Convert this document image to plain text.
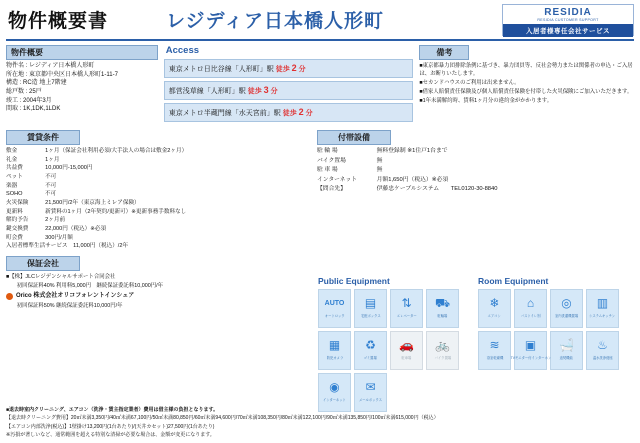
物件概要書	レジディア日本橋人形町	RESIDIA
RESIDIA CUSTOMER SUPPORT
入居者様専任会社サービス
物件概要
物件名 : レジディア日本橋人形町
所在地 : 東京都中央区日本橋人形町1-11-7
構造 : RC造 地上7階建
総戸数 : 25戸
竣工 : 2004年3月
間取 : 1K,1DK,1LDK
Access
東京メトロ日比谷線「人形町」駅 徒歩 2 分
都営浅草線「人形町」駅 徒歩 3 分
東京メトロ半蔵門線「水天宮前」駅 徒歩 2 分
備考
■東京都暴力団排除条例に基づき、暴力団員等、反社会勢力または関係者の申込・ご入居は、お断りいたします。
■セカンドハウスのご利用は出来ません。
■借家人賠償責任保険及び個人賠償責任保険を付帯した火災保険にご加入いただきます。
■1年未満解約時、賃料1ヶ月分の違約金がかかります。
賃貸条件
敷金　　　　　1ヶ月（保証会社利用必須/大手法人の場合は敷金2ヶ月）
礼金　　　　　1ヶ月
共益費　　　　10,000円-15,000円
ペット　　　　不可
楽器　　　　　不可
SOHO　　　　不可
火災保険　　　21,500円/2年（東京海上ミレア保険）
更新料　　　　新賃料の1ヶ月（2年契約/更新可）※更新事務手数料なし
解約予告　　　2ヶ月前
鍵交換費　　　22,000円（税込）※必須
町会費　　　　300円/月額
入居者標準生活サービス　11,000円（税込）/2年
付帯設備
駐 輪 場	無料登録制 ※1住戸1台まで
バイク置場	無
駐 車 場	無
インターネット	月額1,650円（税込）※必須
【問合先】	伊藤忠ケーブルシステム　　TEL0120-30-8840
保証会社
■【株】JLCレジデンシャルサポート合同会社
　　初回保証料40% 利用料5,000円　継続保証委託料10,000円/年
Orico 株式会社オリコフォレントインシュア
　　初回保証料50% 継続保証委託料10,000円/年
Public Equipment
AUTO
オートロック
▤
宅配ボックス
⇅
エレベーター
⛟
駐輪場
▦
防犯カメラ
♻
ゴミ置場
🚗
駐車場
🚲
バイク置場
◉
インターネット
✉
メールボックス
Room Equipment
❄
エアコン
⌂
バストイレ別
◎
室内洗濯機置場
▥
システムキッチン
≋
浴室乾燥機
▣
TVモニター付インターホン
🛁
追焚機能
♨
温水洗浄便座
■退去時室内クリーニング、エアコン（洗浄・賃主指定業者）費用は借主様の負担となります。
【退去時クリーニング費用】20㎡未満3,350円/40㎡未満67,100円/50㎡未満80,850円/60㎡未満94,600円/70㎡未満108,350円/80㎡未満122,100円/90㎡未満135,850円/100㎡未満615,000円（税込）
【エアコン内部洗浄(税込)】1壁掛け13,200円(1台あたり)/(天井カセット)27,500円(1台あたり)
※汚損が著しいなど、通常範囲を超える特別な清掃が必要な場合は、金額が変更になります。
